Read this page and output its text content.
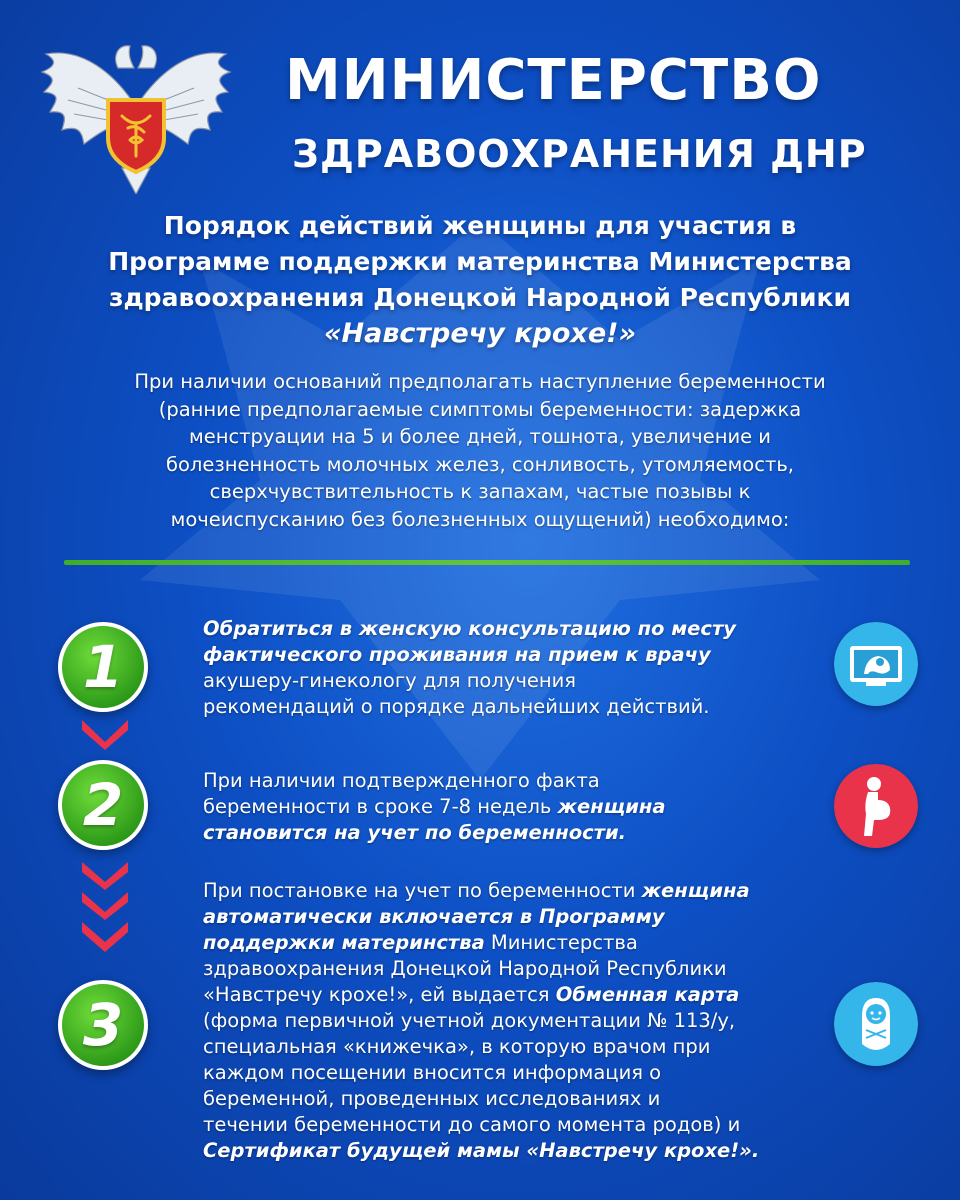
МИНИСТЕРСТВО
ЗДРАВООХРАНЕНИЯ ДНР
Порядок действий женщины для участия в
Программе поддержки материнства Министерства
здравоохранения Донецкой Народной Республики
«Навстречу крохе!»
При наличии оснований предполагать наступление беременности
(ранние предполагаемые симптомы беременности: задержка
менструации на 5 и более дней, тошнота, увеличение и
болезненность молочных желез, сонливость, утомляемость,
сверхчувствительность к запахам, частые позывы к
мочеиспусканию без болезненных ощущений) необходимо:
1
Обратиться в женскую консультацию по месту
фактического проживания на прием к врачу
акушеру-гинекологу для получения
рекомендаций о порядке дальнейших действий.
2	При наличии подтвержденного факта
беременности в сроке 7-8 недель женщина
становится на учет по беременности.
3
При постановке на учет по беременности женщина
автоматически включается в Программу
поддержки материнства Министерства
здравоохранения Донецкой Народной Республики
«Навстречу крохе!», ей выдается Обменная карта
(форма первичной учетной документации № 113/у,
специальная «книжечка», в которую врачом при
каждом посещении вносится информация о
беременной, проведенных исследованиях и
течении беременности до самого момента родов) и
Сертификат будущей мамы «Навстречу крохе!».
